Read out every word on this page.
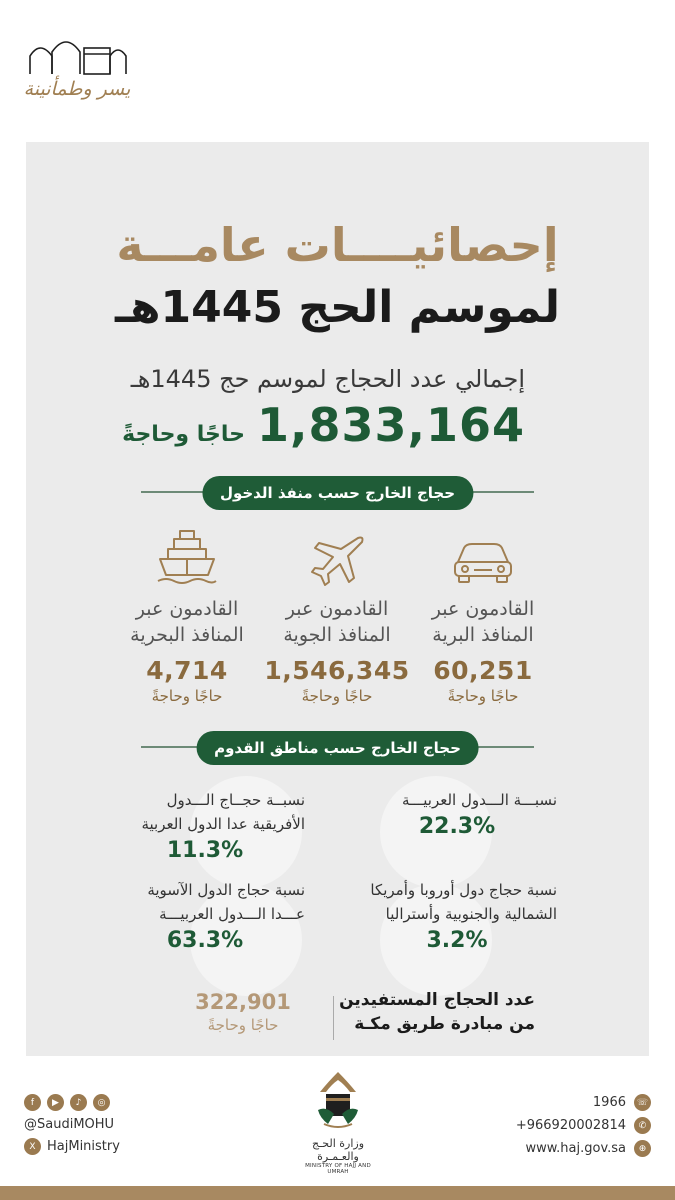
يسر وطمأنينة
إحصائيــــات عامـــة
لموسم الحج 1445هـ
إجمالي عدد الحجاج لموسم حج 1445هـ
1,833,164
حاجًا وحاجةً
حجاج الخارج حسب منفذ الدخول
القادمون عبر
المنافذ البرية
60,251
حاجًا وحاجةً
القادمون عبر
المنافذ الجوية
1,546,345
حاجًا وحاجةً
القادمون عبر
المنافذ البحرية
4,714
حاجًا وحاجةً
حجاج الخارج حسب مناطق القدوم
نسبـــة الـــدول العربيـــة
22.3%
نسبــة حجــاج الـــدول
الأفريقية عدا الدول العربية
11.3%
نسبة حجاج دول أوروبا وأمريكا
الشمالية والجنوبية وأستراليا
3.2%
نسبة حجاج الدول الآسوية
عـــدا الـــدول العربيـــة
63.3%
عدد الحجاج المستفيدين
من مبادرة طريق مكـة
322,901
حاجًا وحاجةً
f	▶	♪	◎
@SaudiMOHU
X HajMinistry	وزارة الحـج والعـمـرة
MINISTRY OF HAJJ AND UMRAH
1966	☏
+966920002814	✆
www.haj.gov.sa	⊕
